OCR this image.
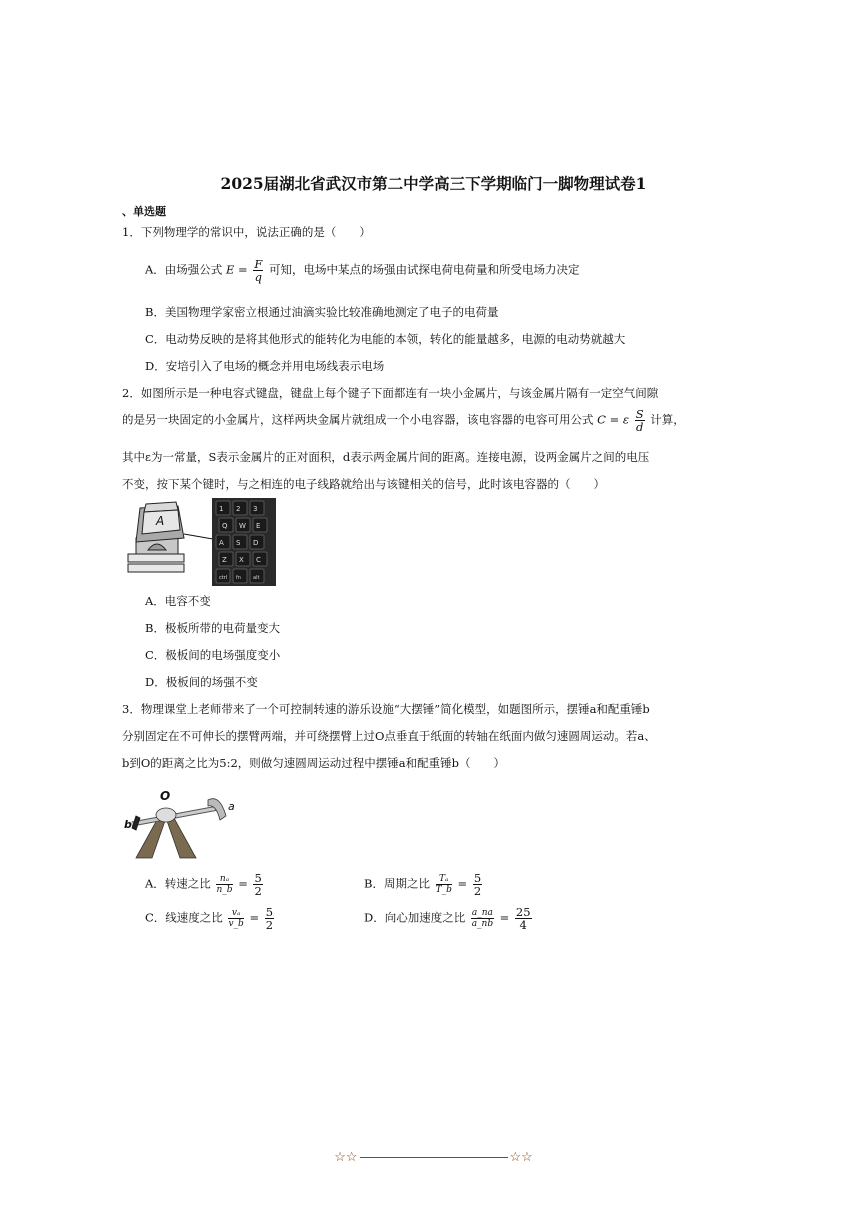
2025届湖北省武汉市第二中学高三下学期临门一脚物理试卷1
、单选题
1．下列物理学的常识中，说法正确的是（　　）
A．由场强公式 $E = \frac{F}{q}$ 可知，电场中某点的场强由试探电荷电荷量和所受电场力决定
B．美国物理学家密立根通过油滴实验比较准确地测定了电子的电荷量
C．电动势反映的是将其他形式的能转化为电能的本领，转化的能量越多，电源的电动势就越大
D．安培引入了电场的概念并用电场线表示电场
2．如图所示是一种电容式键盘，键盘上每个键子下面都连有一块小金属片，与该金属片隔有一定空气间隙
的是另一块固定的小金属片，这样两块金属片就组成一个小电容器，该电容器的电容可用公式 C = ε $\frac{S}{d}$ 计算，
其中ε为一常量，S表示金属片的正对面积，d表示两金属片间的距离。连接电源，设两金属片之间的电压
不变，按下某个键时，与之相连的电子线路就给出与该键相关的信号，此时该电容器的（　　）
A
1 2 3
Q W E
A S D
Z X C
ctrl fn alt
A．电容不变
B．极板所带的电荷量变大
C．极板间的电场强度变小
D．极板间的场强不变
3．物理课堂上老师带来了一个可控制转速的游乐设施“大摆锤”简化模型，如题图所示，摆锤a和配重锤b
分别固定在不可伸长的摆臂两端，并可绕摆臂上过O点垂直于纸面的转轴在纸面内做匀速圆周运动。若a、
b到O的距离之比为5:2，则做匀速圆周运动过程中摆锤a和配重锤b（　　）
O
a
b
A．转速之比 $\frac{\text{nₐ}}{n\_b} = \frac{5}{2}$	B．周期之比 $\frac{\text{Tₐ}}{T\_b} = \frac{5}{2}$
C．线速度之比 $\frac{\text{vₐ}}{v\_b} = \frac{5}{2}$	D．向心加速度之比 $\frac{a\_na}{a\_nb} = \frac{25}{4}$
☆☆	☆☆
